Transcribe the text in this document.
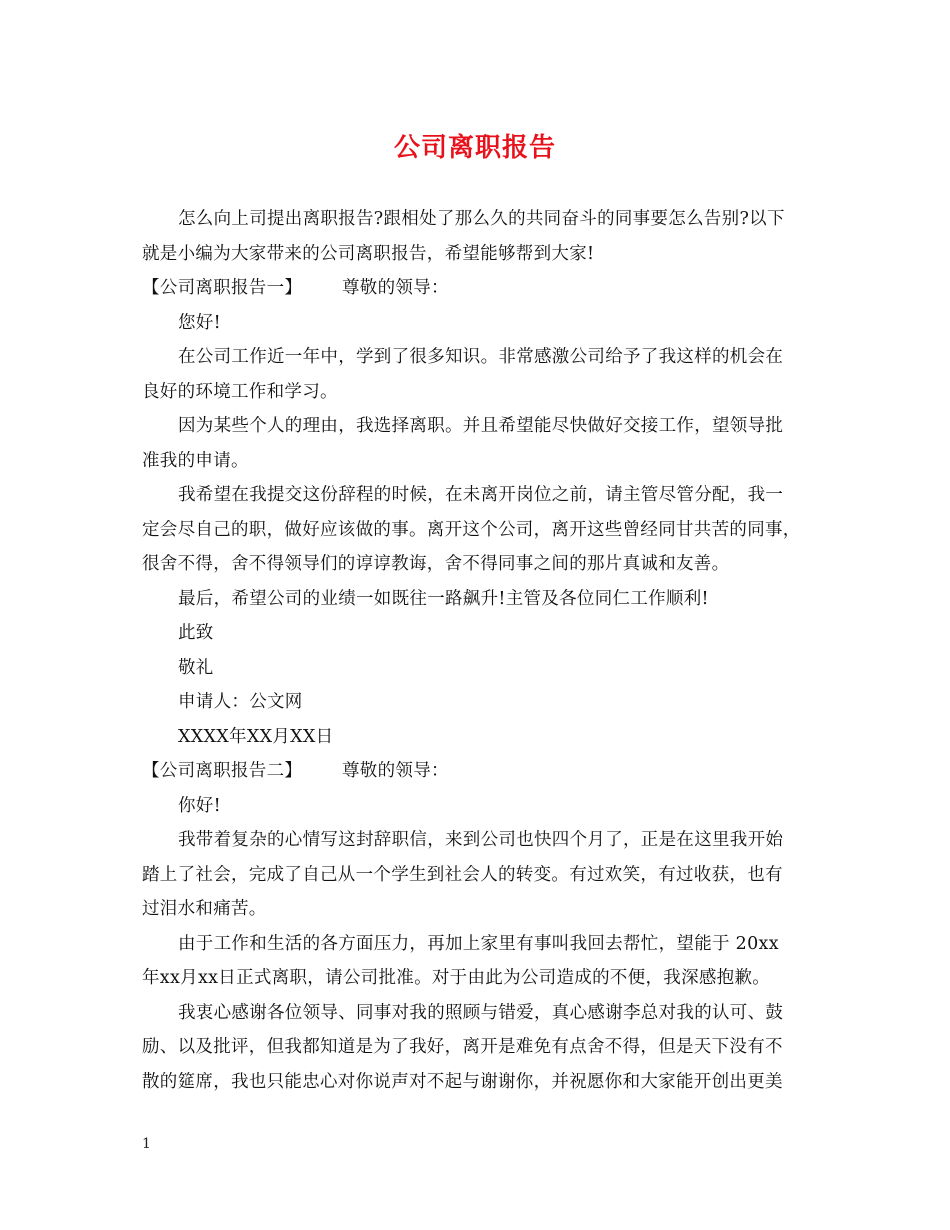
公司离职报告

怎么向上司提出离职报告?跟相处了那么久的共同奋斗的同事要怎么告别?以下

就是小编为大家带来的公司离职报告，希望能够帮到大家!

【公司离职报告一】 尊敬的领导：

您好!

在公司工作近一年中，学到了很多知识。非常感激公司给予了我这样的机会在

良好的环境工作和学习。

因为某些个人的理由，我选择离职。并且希望能尽快做好交接工作，望领导批

准我的申请。

我希望在我提交这份辞程的时候，在未离开岗位之前，请主管尽管分配，我一

定会尽自己的职，做好应该做的事。离开这个公司，离开这些曾经同甘共苦的同事，

很舍不得，舍不得领导们的谆谆教诲，舍不得同事之间的那片真诚和友善。

最后，希望公司的业绩一如既往一路飙升!主管及各位同仁工作顺利!

此致

敬礼

申请人：公文网

XXXX年XX月XX日

【公司离职报告二】 尊敬的领导：

你好!

我带着复杂的心情写这封辞职信，来到公司也快四个月了，正是在这里我开始

踏上了社会，完成了自己从一个学生到社会人的转变。有过欢笑，有过收获，也有

过泪水和痛苦。

由于工作和生活的各方面压力，再加上家里有事叫我回去帮忙，望能于 20xx

年xx月xx日正式离职，请公司批准。对于由此为公司造成的不便，我深感抱歉。

我衷心感谢各位领导、同事对我的照顾与错爱，真心感谢李总对我的认可、鼓

励、以及批评，但我都知道是为了我好，离开是难免有点舍不得，但是天下没有不

散的筵席，我也只能忠心对你说声对不起与谢谢你，并祝愿你和大家能开创出更美

1
